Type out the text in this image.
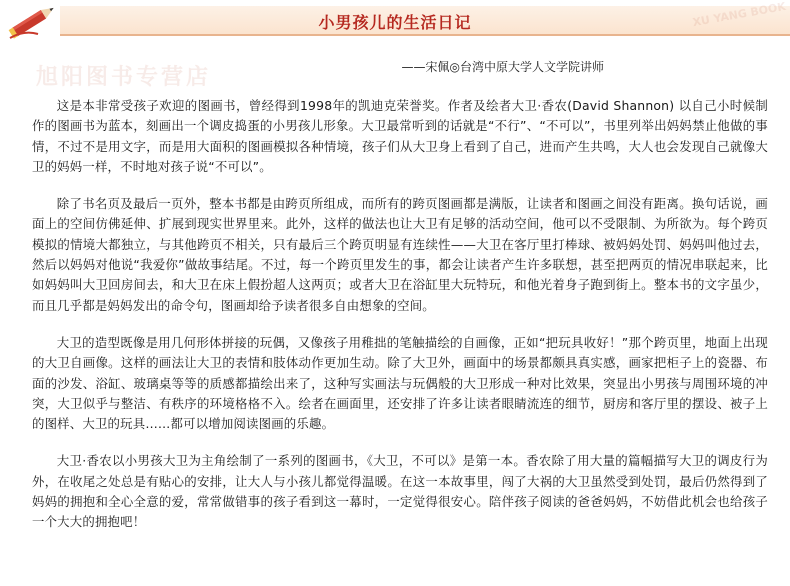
小男孩儿的生活日记
旭阳图书专营店	——宋佩◎台湾中原大学人文学院讲师

这是本非常受孩子欢迎的图画书，曾经得到1998年的凯迪克荣誉奖。作者及绘者大卫·香农(David Shannon) 以自己小时候制作的图画书为蓝本，刻画出一个调皮捣蛋的小男孩儿形象。大卫最常听到的话就是“不行”、“不可以”，书里列举出妈妈禁止他做的事情，不过不是用文字，而是用大面积的图画模拟各种情境，孩子们从大卫身上看到了自己，进而产生共鸣，大人也会发现自己就像大卫的妈妈一样，不时地对孩子说“不可以”。

除了书名页及最后一页外，整本书都是由跨页所组成，而所有的跨页图画都是满版，让读者和图画之间没有距离。换句话说，画面上的空间仿佛延伸、扩展到现实世界里来。此外，这样的做法也让大卫有足够的活动空间，他可以不受限制、为所欲为。每个跨页模拟的情境大都独立，与其他跨页不相关，只有最后三个跨页明显有连续性——大卫在客厅里打棒球、被妈妈处罚、妈妈叫他过去，然后以妈妈对他说“我爱你”做故事结尾。不过，每一个跨页里发生的事，都会让读者产生许多联想，甚至把两页的情况串联起来，比如妈妈叫大卫回房间去，和大卫在床上假扮超人这两页；或者大卫在浴缸里大玩特玩，和他光着身子跑到街上。整本书的文字虽少，而且几乎都是妈妈发出的命令句，图画却给予读者很多自由想象的空间。

大卫的造型既像是用几何形体拼接的玩偶，又像孩子用稚拙的笔触描绘的自画像，正如“把玩具收好！”那个跨页里，地面上出现的大卫自画像。这样的画法让大卫的表情和肢体动作更加生动。除了大卫外，画面中的场景都颇具真实感，画家把柜子上的瓷器、布面的沙发、浴缸、玻璃桌等等的质感都描绘出来了，这种写实画法与玩偶般的大卫形成一种对比效果，突显出小男孩与周围环境的冲突，大卫似乎与整洁、有秩序的环境格格不入。绘者在画面里，还安排了许多让读者眼睛流连的细节，厨房和客厅里的摆设、被子上的图样、大卫的玩具……都可以增加阅读图画的乐趣。

大卫·香农以小男孩大卫为主角绘制了一系列的图画书，《大卫，不可以》是第一本。香农除了用大量的篇幅描写大卫的调皮行为外，在收尾之处总是有贴心的安排，让大人与小孩儿都觉得温暖。在这一本故事里，闯了大祸的大卫虽然受到处罚，最后仍然得到了妈妈的拥抱和全心全意的爱，常常做错事的孩子看到这一幕时，一定觉得很安心。陪伴孩子阅读的爸爸妈妈，不妨借此机会也给孩子一个大大的拥抱吧！
